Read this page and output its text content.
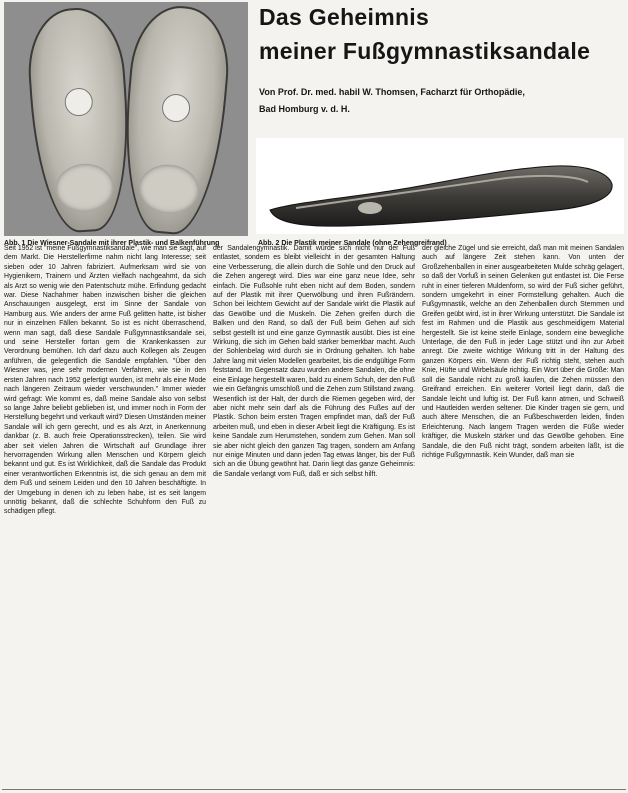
Abb. 1 Die Wiesner-Sandale mit ihrer Plastik- und Balkenführung
Das Geheimnis
meiner Fußgymnastiksandale
Von Prof. Dr. med. habil W. Thomsen, Facharzt für Orthopädie,
Bad Homburg v. d. H.
Abb. 2 Die Plastik meiner Sandale (ohne Zehengreifrand)

Seit 1952 ist "meine Fußgymnastiksandale", wie man sie sagt, auf dem Markt. Die Herstellerfirme nahm nicht lang Interesse; seit sieben oder 10 Jahren fabriziert. Aufmerksam wird sie von Hygienikern, Trainern und Ärzten vielfach nachgeahmt, da sich als Arzt so wenig wie den Patentschutz mühe. Erfindung gedacht war. Diese Nachahmer haben inzwischen bisher die gleichen Anschauungen ausgelegt, erst im Sinne der Sandale von Hamburg aus. Wie anders der arme Fuß gelitten hatte, ist bisher nur in einzelnen Fällen bekannt. So ist es nicht überraschend, wenn man sagt, daß diese Sandale Fußgymnastiksandale sei, und seine Hersteller fortan gern die Krankenkassen zur Verordnung bemühen. Ich darf dazu auch Kollegen als Zeugen anführen, die gelegentlich die Sandale empfahlen. "Über den Wiesner was, jene sehr modernen Verfahren, wie sie in den ersten Jahren nach 1952 gefertigt wurden, ist mehr als eine Mode nach längeren Zeitraum wieder verschwunden." Immer wieder wird gefragt: Wie kommt es, daß meine Sandale also von selbst so lange Jahre beliebt geblieben ist, und immer noch in Form der Herstellung begehrt und verkauft wird? Diesen Umständen meiner Sandale will ich gern gerecht, und es als Arzt, in Anerkennung dankbar (z. B. auch freie Operationsstrecken), teilen. Sie wird aber seit vielen Jahren die Wirtschaft auf Grundlage ihrer hervorragenden Wirkung allen Menschen und Körpern gleich bekannt und gut. Es ist Wirklichkeit, daß die Sandale das Produkt einer verantwortlichen Erkenntnis ist, die sich genau an dem mit dem Fuß und seinem Leiden und den 10 Jahren beschäftigte. In der Umgebung in denen ich zu leben habe, ist es seit langem unnötig bekannt, daß die schlechte Schuhform den Fuß zu schädigen pflegt.

der Sandalengymnastik. Damit würde sich nicht nur der Fuß entlastet, sondern es bleibt vielleicht in der gesamten Haltung eine Verbesserung, die allein durch die Sohle und den Druck auf die Zehen angeregt wird. Dies war eine ganz neue Idee, sehr einfach. Die Fußsohle ruht eben nicht auf dem Boden, sondern auf der Plastik mit ihrer Querwölbung und ihren Fußrändern. Schon bei leichtem Gewicht auf der Sandale wirkt die Plastik auf das Gewölbe und die Muskeln. Die Zehen greifen durch die Balken und den Rand, so daß der Fuß beim Gehen auf sich selbst gestellt ist und eine ganze Gymnastik ausübt. Dies ist eine Wirkung, die sich im Gehen bald stärker bemerkbar macht. Auch der Sohlenbelag wird durch sie in Ordnung gehalten. Ich habe Jahre lang mit vielen Modellen gearbeitet, bis die endgültige Form feststand. Im Gegensatz dazu wurden andere Sandalen, die ohne eine Einlage hergestellt waren, bald zu einem Schuh, der den Fuß wie ein Gefängnis umschloß und die Zehen zum Stillstand zwang. Wesentlich ist der Halt, der durch die Riemen gegeben wird, der aber nicht mehr sein darf als die Führung des Fußes auf der Plastik. Schon beim ersten Tragen empfindet man, daß der Fuß arbeiten muß, und eben in dieser Arbeit liegt die Kräftigung. Es ist keine Sandale zum Herumstehen, sondern zum Gehen. Man soll sie aber nicht gleich den ganzen Tag tragen, sondern am Anfang nur einige Minuten und dann jeden Tag etwas länger, bis der Fuß sich an die Übung gewöhnt hat. Darin liegt das ganze Geheimnis: die Sandale verlangt vom Fuß, daß er sich selbst hilft.

der gleiche Zügel und sie erreicht, daß man mit meinen Sandalen auch auf längere Zeit stehen kann. Von unten der Großzehenballen in einer ausgearbeiteten Mulde schräg gelagert, so daß der Vorfuß in seinen Gelenken gut entlastet ist. Die Ferse ruht in einer tieferen Muldenform, so wird der Fuß sicher geführt, sondern umgekehrt in einer Formstellung gehalten. Auch die Fußgymnastik, welche an den Zehenballen durch Stemmen und Greifen geübt wird, ist in ihrer Wirkung unterstützt. Die Sandale ist fest im Rahmen und die Plastik aus geschmeidigem Material hergestellt. Sie ist keine steife Einlage, sondern eine bewegliche Unterlage, die den Fuß in jeder Lage stützt und ihn zur Arbeit anregt. Die zweite wichtige Wirkung tritt in der Haltung des ganzen Körpers ein. Wenn der Fuß richtig steht, stehen auch Knie, Hüfte und Wirbelsäule richtig. Ein Wort über die Größe: Man soll die Sandale nicht zu groß kaufen, die Zehen müssen den Greifrand erreichen. Ein weiterer Vorteil liegt darin, daß die Sandale leicht und luftig ist. Der Fuß kann atmen, und Schweiß und Hautleiden werden seltener. Die Kinder tragen sie gern, und auch ältere Menschen, die an Fußbeschwerden leiden, finden Erleichterung. Nach langem Tragen werden die Füße wieder kräftiger, die Muskeln stärker und das Gewölbe gehoben. Eine Sandale, die den Fuß nicht trägt, sondern arbeiten läßt, ist die richtige Fußgymnastik. Kein Wunder, daß man sie
